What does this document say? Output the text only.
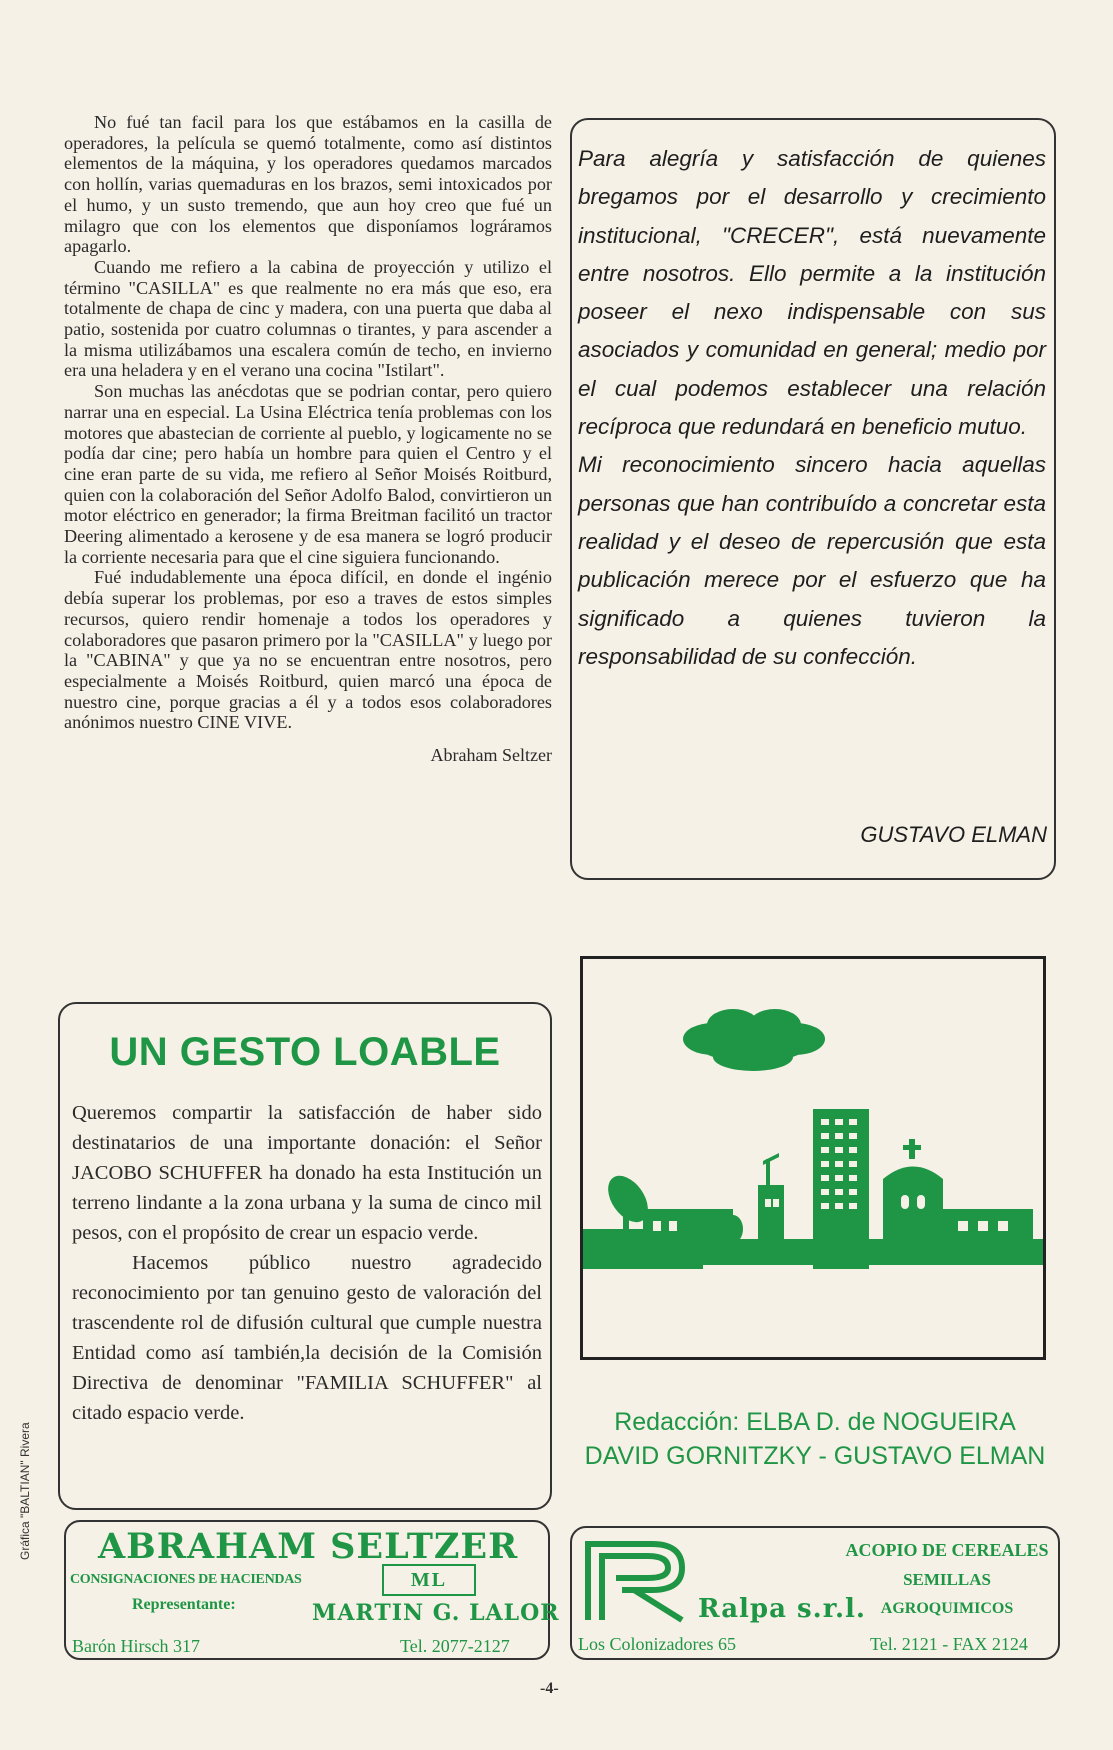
No fué tan facil para los que estábamos en la casilla de operadores, la película se quemó totalmente, como así distintos elementos de la máquina, y los operadores quedamos marcados con hollín, varias quemaduras en los brazos, semi intoxicados por el humo, y un susto tremendo, que aun hoy creo que fué un milagro que con los elementos que disponíamos lográramos apagarlo.

Cuando me refiero a la cabina de proyección y utilizo el término "CASILLA" es que realmente no era más que eso, era totalmente de chapa de cinc y madera, con una puerta que daba al patio, sostenida por cuatro columnas o tirantes, y para ascender a la misma utilizábamos una escalera común de techo, en invierno era una heladera y en el verano una cocina "Istilart".

Son muchas las anécdotas que se podrian contar, pero quiero narrar una en especial. La Usina Eléctrica tenía problemas con los motores que abastecian de corriente al pueblo, y logicamente no se podía dar cine; pero había un hombre para quien el Centro y el cine eran parte de su vida, me refiero al Señor Moisés Roitburd, quien con la colaboración del Señor Adolfo Balod, convirtieron un motor eléctrico en generador; la firma Breitman facilitó un tractor Deering alimentado a kerosene y de esa manera se logró producir la corriente necesaria para que el cine siguiera funcionando.

Fué indudablemente una época difícil, en donde el ingénio debía superar los problemas, por eso a traves de estos simples recursos, quiero rendir homenaje a todos los operadores y colaboradores que pasaron primero por la "CASILLA" y luego por la "CABINA" y que ya no se encuentran entre nosotros, pero especialmente a Moisés Roitburd, quien marcó una época de nuestro cine, porque gracias a él y a todos esos colaboradores anónimos nuestro CINE VIVE.

Abraham Seltzer

Para alegría y satisfacción de quienes bregamos por el desarrollo y crecimiento institucional, "CRECER", está nuevamente entre nosotros. Ello permite a la institución poseer el nexo indispensable con sus asociados y comunidad en general; medio por el cual podemos establecer una relación recíproca que redundará en beneficio mutuo.

Mi reconocimiento sincero hacia aquellas personas que han contribuído a concretar esta realidad y el deseo de repercusión que esta publicación merece por el esfuerzo que ha significado a quienes tuvieron la responsabilidad de su confección.

GUSTAVO ELMAN
UN GESTO LOABLE

Queremos compartir la satisfacción de haber sido destinatarios de una importante donación: el Señor JACOBO SCHUFFER ha donado ha esta Institución un terreno lindante a la zona urbana y la suma de cinco mil pesos, con el propósito de crear un espacio verde.

Hacemos público nuestro agradecido reconocimiento por tan genuino gesto de valoración del trascendente rol de difusión cultural que cumple nuestra Entidad como así también,la decisión de la Comisión Directiva de denominar "FAMILIA SCHUFFER" al citado espacio verde.

Gráfica "BALTIAN" Rivera
Redacción: ELBA D. de NOGUEIRA
DAVID GORNITZKY - GUSTAVO ELMAN
ABRAHAM SELTZER
CONSIGNACIONES DE HACIENDAS
Representante:
ML
MARTIN G. LALOR
Barón Hirsch 317	Tel. 2077-2127
Ralpa s.r.l.
ACOPIO DE CEREALES
SEMILLAS
AGROQUIMICOS
Los Colonizadores 65	Tel. 2121 - FAX 2124
-4-
